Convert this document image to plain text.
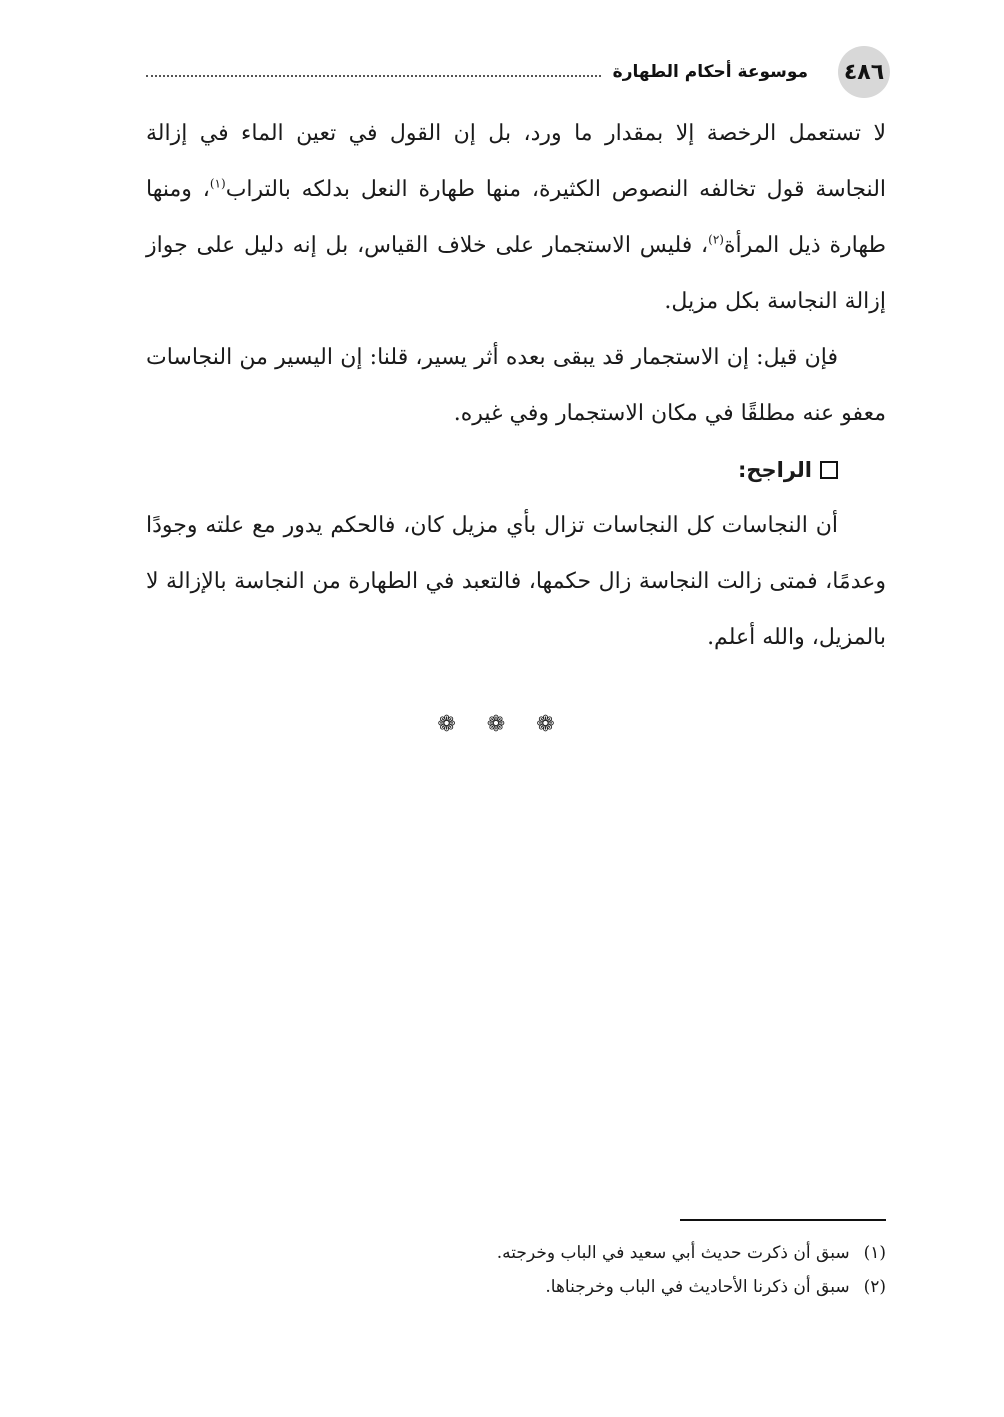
٤٨٦
موسوعة أحكام الطهارة

لا تستعمل الرخصة إلا بمقدار ما ورد، بل إن القول في تعين الماء في إزالة النجاسة قول تخالفه النصوص الكثيرة، منها طهارة النعل بدلكه بالتراب$^{(١)}$، ومنها طهارة ذيل المرأة$^{(٢)}$، فليس الاستجمار على خلاف القياس، بل إنه دليل على جواز إزالة النجاسة بكل مزيل.

فإن قيل: إن الاستجمار قد يبقى بعده أثر يسير، قلنا: إن اليسير من النجاسات معفو عنه مطلقًا في مكان الاستجمار وفي غيره.

الراجح:

أن النجاسات كل النجاسات تزال بأي مزيل كان، فالحكم يدور مع علته وجودًا وعدمًا، فمتى زالت النجاسة زال حكمها، فالتعبد في الطهارة من النجاسة بالإزالة لا بالمزيل، والله أعلم.

❁ ❁ ❁

(١)
سبق أن ذكرت حديث أبي سعيد في الباب وخرجته.

(٢)
سبق أن ذكرنا الأحاديث في الباب وخرجناها.
